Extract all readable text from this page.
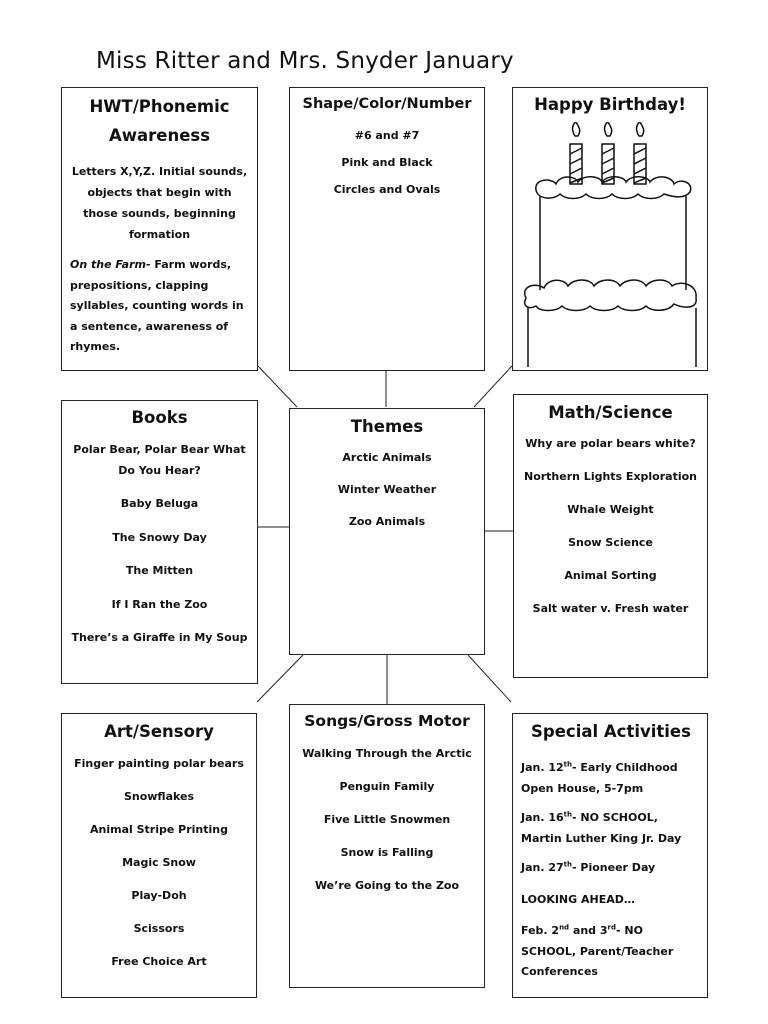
Miss Ritter and Mrs. Snyder January
HWT/Phonemic
Awareness

Letters X,Y,Z. Initial sounds, objects that begin with those sounds, beginning formation

On the Farm- Farm words, prepositions, clapping syllables, counting words in a sentence, awareness of rhymes.

Shape/Color/Number

#6 and #7

Pink and Black

Circles and Ovals

Happy Birthday!
Books

Polar Bear, Polar Bear What Do You Hear?

Baby Beluga

The Snowy Day

The Mitten

If I Ran the Zoo

There’s a Giraffe in My Soup

Themes

Arctic Animals

Winter Weather

Zoo Animals

Math/Science

Why are polar bears white?

Northern Lights Exploration

Whale Weight

Snow Science

Animal Sorting

Salt water v. Fresh water

Art/Sensory

Finger painting polar bears

Snowflakes

Animal Stripe Printing

Magic Snow

Play-Doh

Scissors

Free Choice Art

Songs/Gross Motor

Walking Through the Arctic

Penguin Family

Five Little Snowmen

Snow is Falling

We’re Going to the Zoo

Special Activities

Jan. 12th- Early Childhood Open House, 5-7pm

Jan. 16th- NO SCHOOL, Martin Luther King Jr. Day

Jan. 27th- Pioneer Day

LOOKING AHEAD…

Feb. 2nd and 3rd- NO SCHOOL, Parent/Teacher Conferences
